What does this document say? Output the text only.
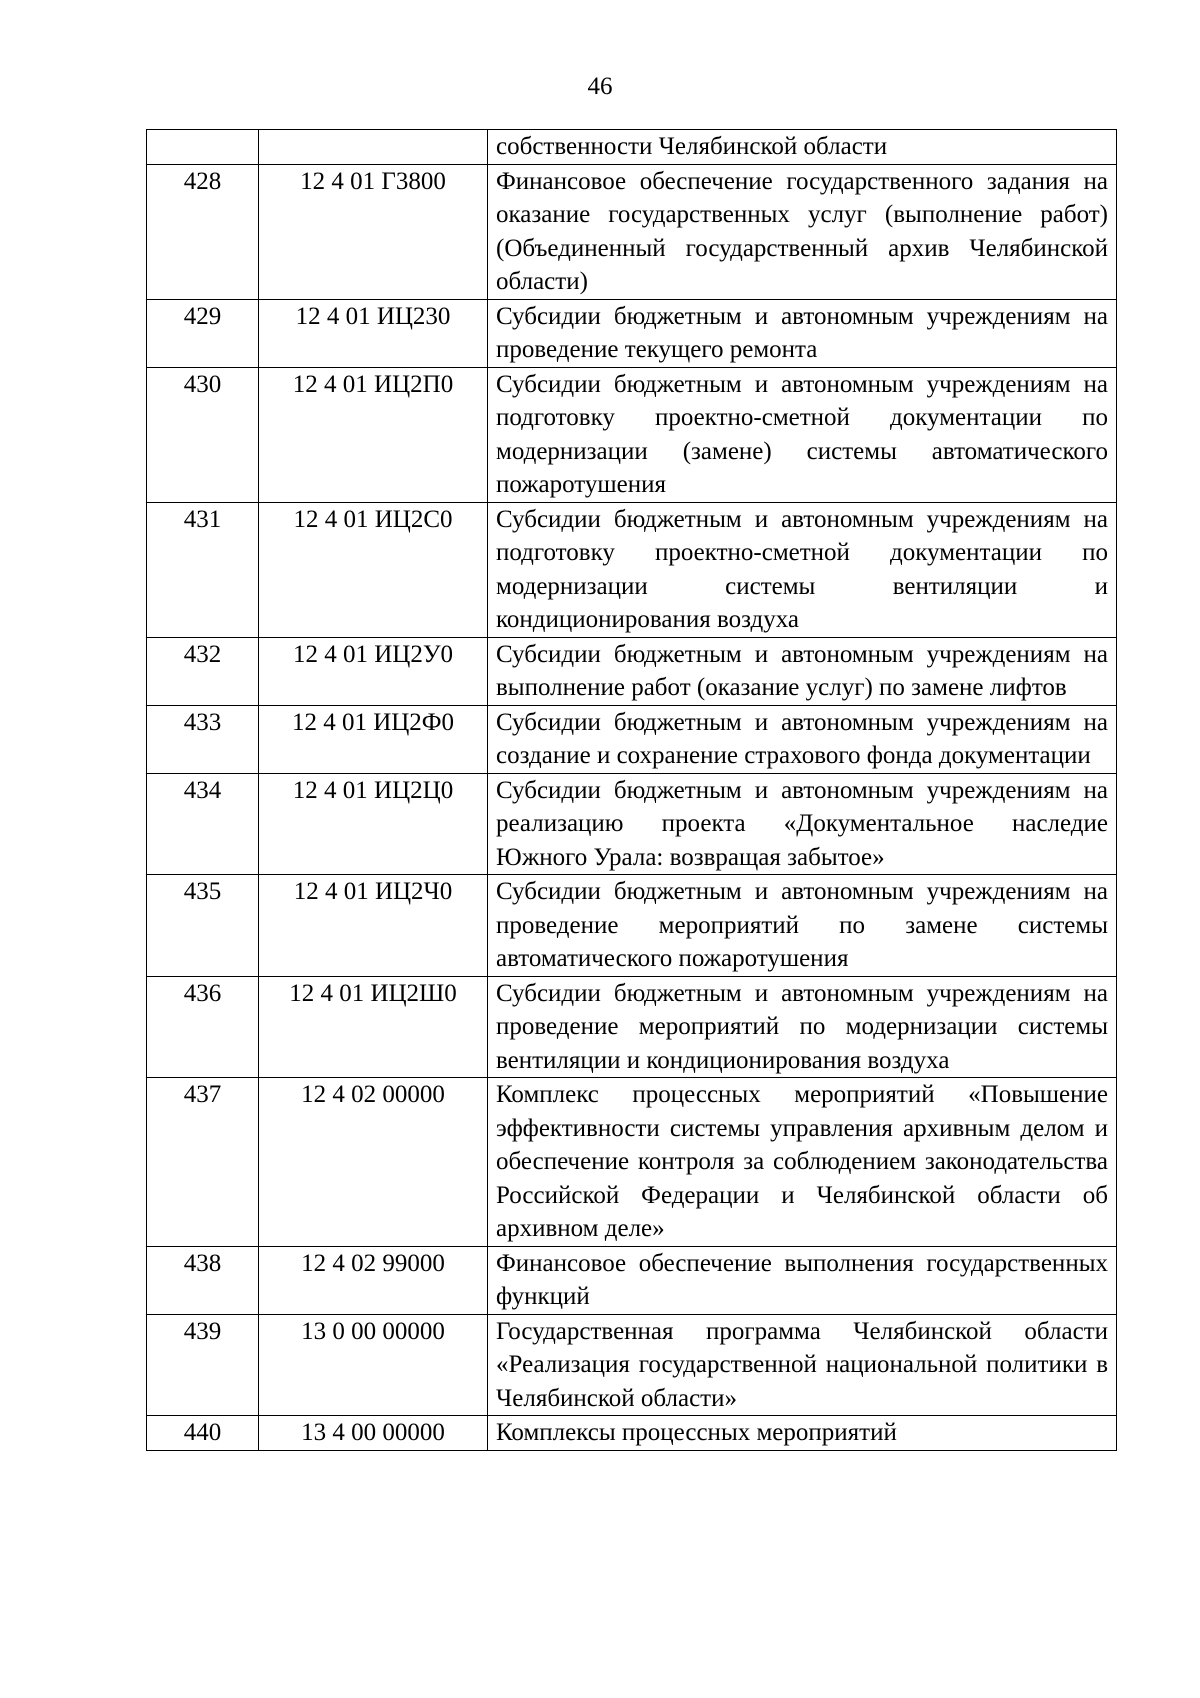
46
		собственности Челябинской области
428	12 4 01 Г3800	Финансовое обеспечение государственного задания на оказание государственных услуг (выполнение работ) (Объединенный государственный архив Челябинской области)
429	12 4 01 ИЦ230	Субсидии бюджетным и автономным учреждениям на проведение текущего ремонта
430	12 4 01 ИЦ2П0	Субсидии бюджетным и автономным учреждениям на подготовку проектно-сметной документации по модернизации (замене) системы автоматического пожаротушения
431	12 4 01 ИЦ2С0	Субсидии бюджетным и автономным учреждениям на подготовку проектно-сметной документации по модернизации системы вентиляции и кондиционирования воздуха
432	12 4 01 ИЦ2У0	Субсидии бюджетным и автономным учреждениям на выполнение работ (оказание услуг) по замене лифтов
433	12 4 01 ИЦ2Ф0	Субсидии бюджетным и автономным учреждениям на создание и сохранение страхового фонда документации
434	12 4 01 ИЦ2Ц0	Субсидии бюджетным и автономным учреждениям на реализацию проекта «Документальное наследие Южного Урала: возвращая забытое»
435	12 4 01 ИЦ2Ч0	Субсидии бюджетным и автономным учреждениям на проведение мероприятий по замене системы автоматического пожаротушения
436	12 4 01 ИЦ2Ш0	Субсидии бюджетным и автономным учреждениям на проведение мероприятий по модернизации системы вентиляции и кондиционирования воздуха
437	12 4 02 00000	Комплекс процессных мероприятий «Повышение эффективности системы управления архивным делом и обеспечение контроля за соблюдением законодательства Российской Федерации и Челябинской области об архивном деле»
438	12 4 02 99000	Финансовое обеспечение выполнения государственных функций
439	13 0 00 00000	Государственная программа Челябинской области «Реализация государственной национальной политики в Челябинской области»
440	13 4 00 00000	Комплексы процессных мероприятий
